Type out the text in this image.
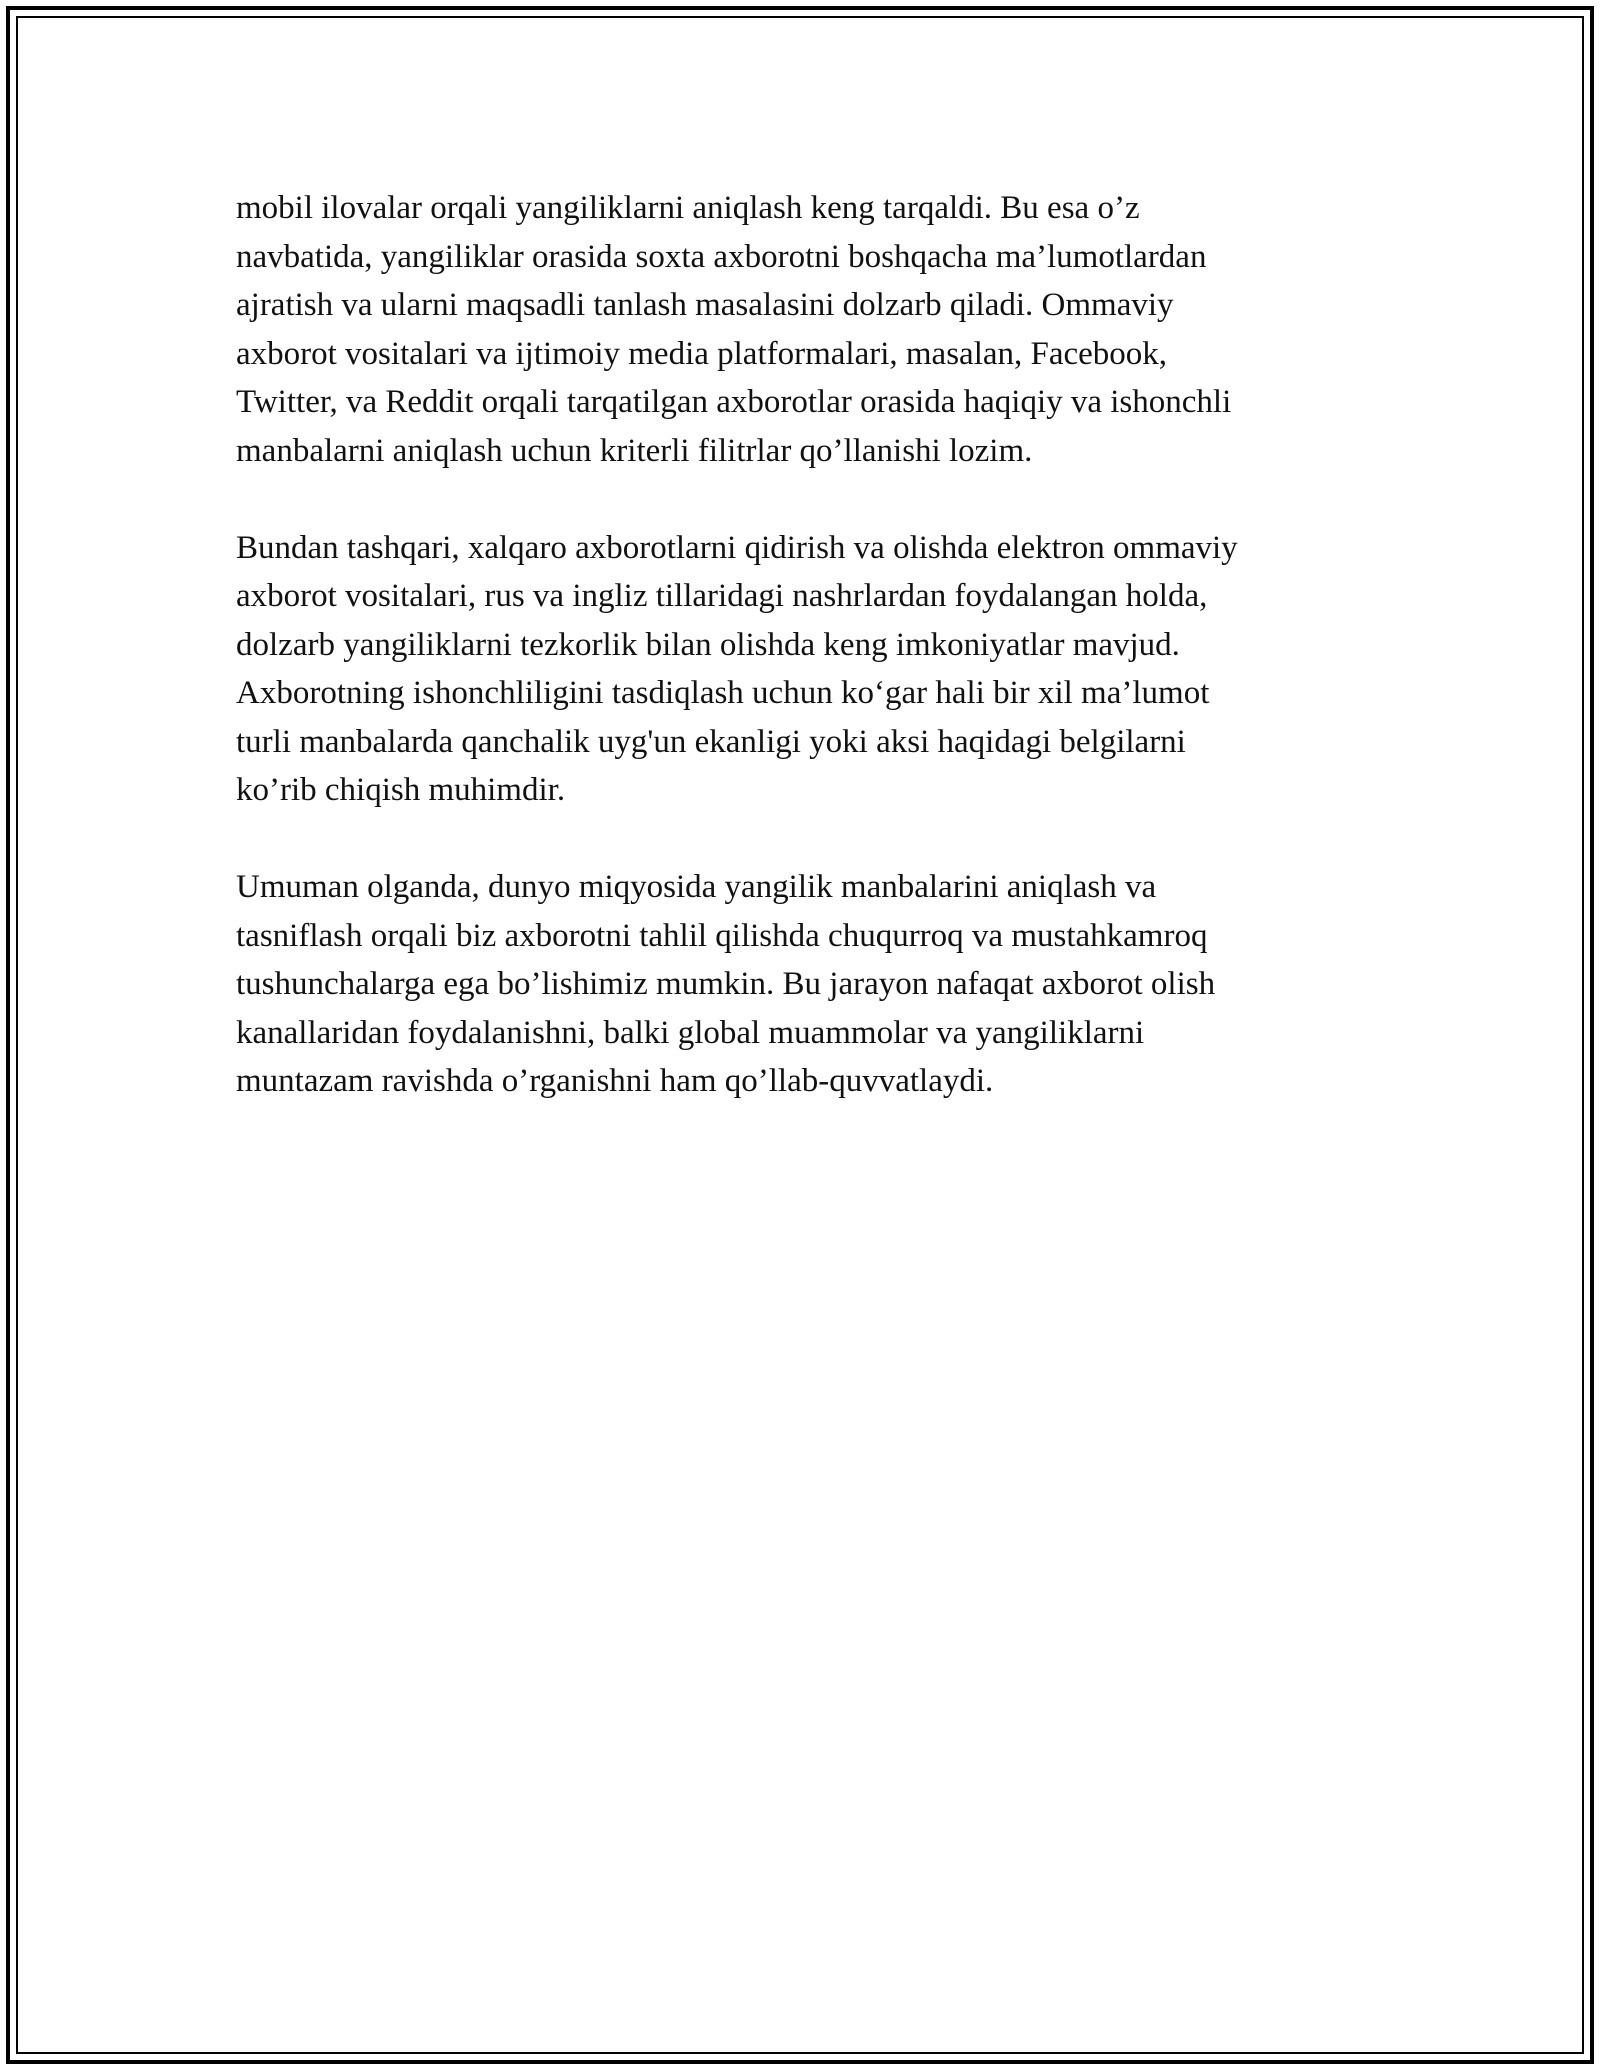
mobil ilovalar orqali yangiliklarni aniqlash keng tarqaldi. Bu esa o’z
navbatida, yangiliklar orasida soxta axborotni boshqacha ma’lumotlardan
ajratish va ularni maqsadli tanlash masalasini dolzarb qiladi. Ommaviy
axborot vositalari va ijtimoiy media platformalari, masalan, Facebook,
Twitter, va Reddit orqali tarqatilgan axborotlar orasida haqiqiy va ishonchli
manbalarni aniqlash uchun kriterli filitrlar qo’llanishi lozim.

Bundan tashqari, xalqaro axborotlarni qidirish va olishda elektron ommaviy
axborot vositalari, rus va ingliz tillaridagi nashrlardan foydalangan holda,
dolzarb yangiliklarni tezkorlik bilan olishda keng imkoniyatlar mavjud.
Axborotning ishonchliligini tasdiqlash uchun ko‘gar hali bir xil ma’lumot
turli manbalarda qanchalik uyg'un ekanligi yoki aksi haqidagi belgilarni
ko’rib chiqish muhimdir.

Umuman olganda, dunyo miqyosida yangilik manbalarini aniqlash va
tasniflash orqali biz axborotni tahlil qilishda chuqurroq va mustahkamroq
tushunchalarga ega bo’lishimiz mumkin. Bu jarayon nafaqat axborot olish
kanallaridan foydalanishni, balki global muammolar va yangiliklarni
muntazam ravishda o’rganishni ham qo’llab-quvvatlaydi.
